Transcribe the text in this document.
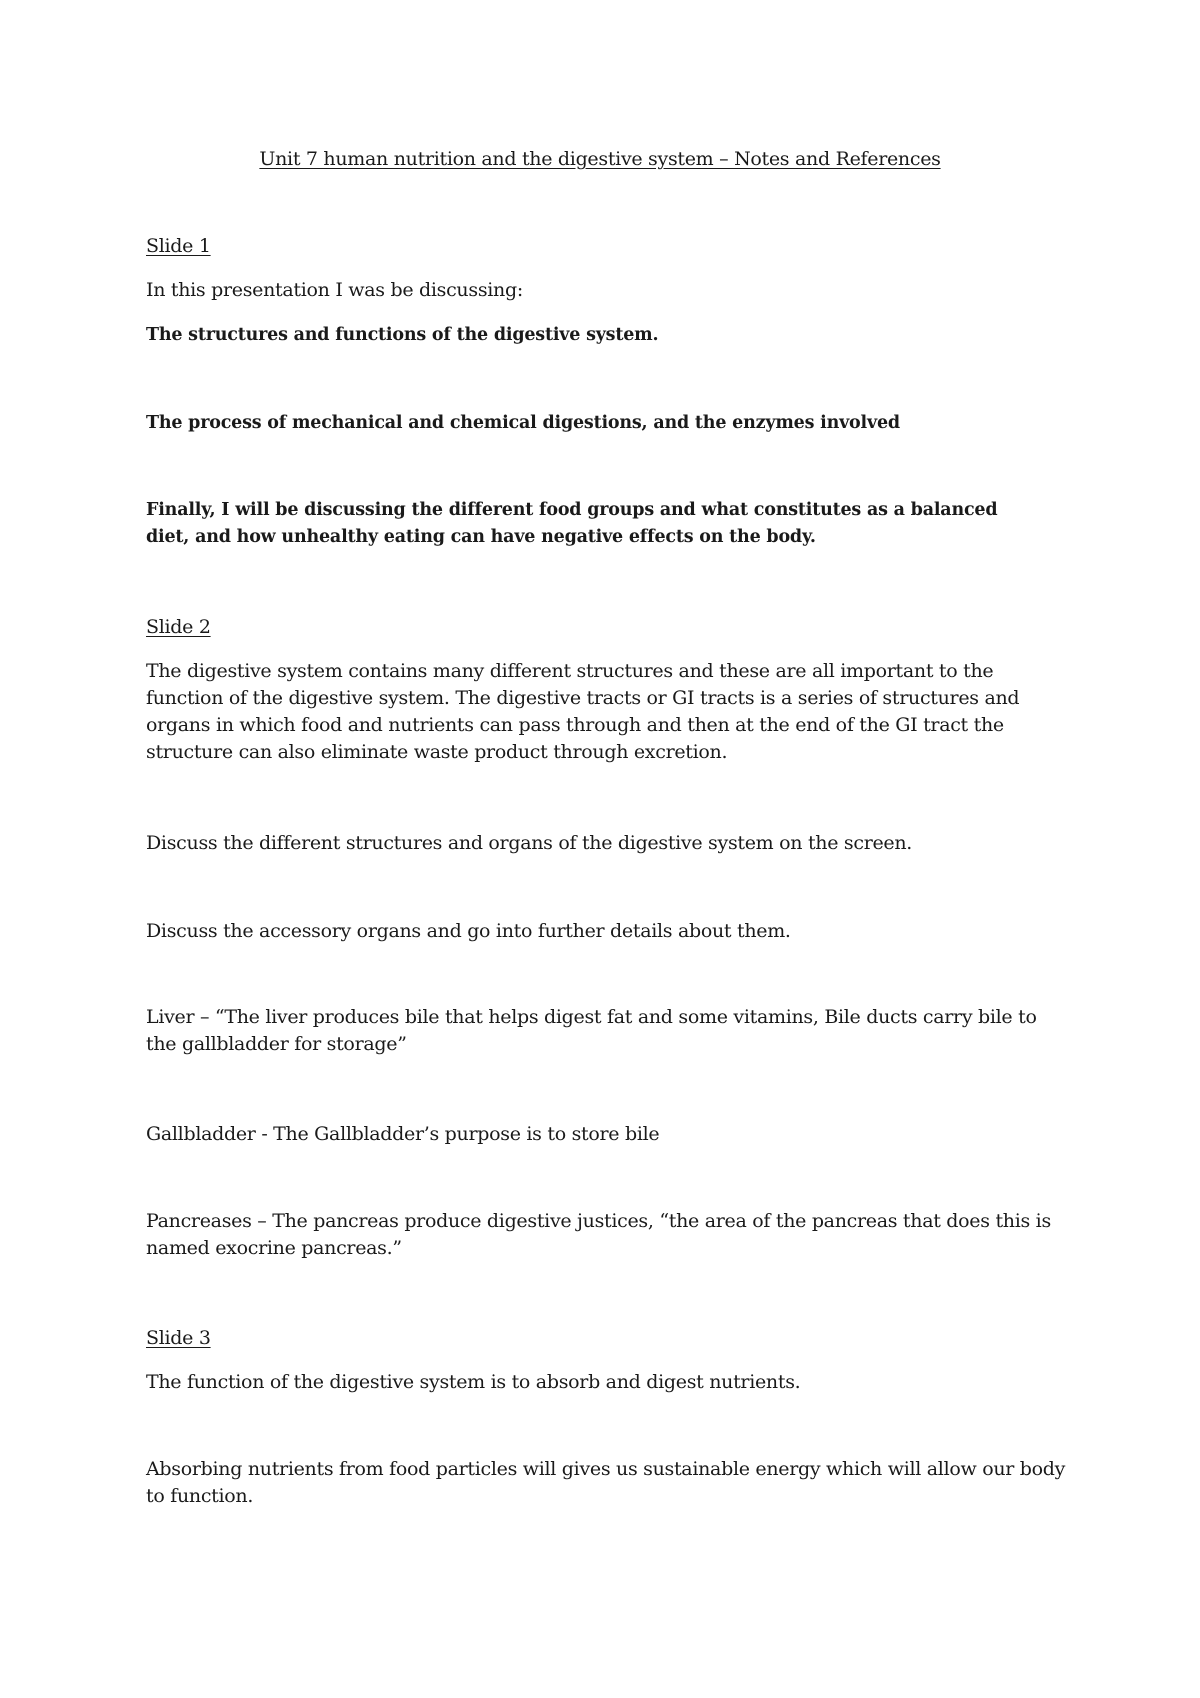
Unit 7 human nutrition and the digestive system – Notes and References
Slide 1
In this presentation I was be discussing:
The structures and functions of the digestive system.
The process of mechanical and chemical digestions, and the enzymes involved
Finally, I will be discussing the different food groups and what constitutes as a balanced diet, and how unhealthy eating can have negative effects on the body.
Slide 2
The digestive system contains many different structures and these are all important to the function of the digestive system. The digestive tracts or GI tracts is a series of structures and organs in which food and nutrients can pass through and then at the end of the GI tract the structure can also eliminate waste product through excretion.
Discuss the different structures and organs of the digestive system on the screen.
Discuss the accessory organs and go into further details about them.
Liver – “The liver produces bile that helps digest fat and some vitamins, Bile ducts carry bile to the gallbladder for storage”
Gallbladder - The Gallbladder’s purpose is to store bile
Pancreases – The pancreas produce digestive justices, “the area of the pancreas that does this is named exocrine pancreas.”
Slide 3
The function of the digestive system is to absorb and digest nutrients.
Absorbing nutrients from food particles will gives us sustainable energy which will allow our body to function.
